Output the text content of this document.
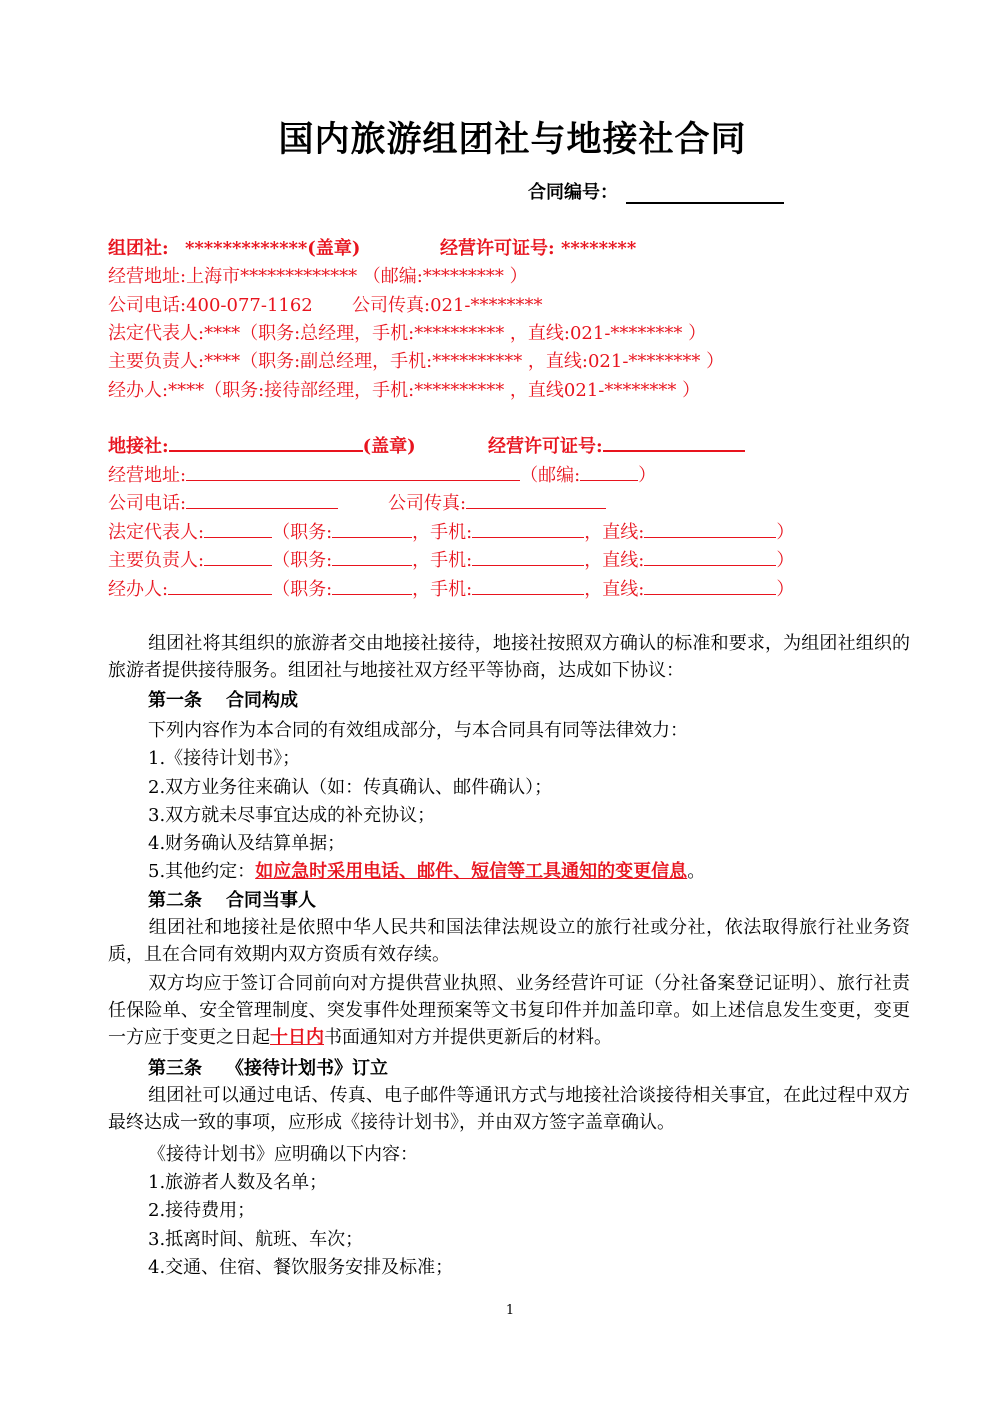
国内旅游组团社与地接社合同
合同编号：
组团社: *************(盖章)	经营许可证号: ********
经营地址:上海市************* （邮编:********* ）
公司电话:400-077-1162 公司传真:021-********
法定代表人:****（职务:总经理，手机:********** ，直线:021-******** ）
主要负责人:****（职务:副总经理，手机:********** ，直线:021-******** ）
经办人:****（职务:接待部经理，手机:********** ，直线021-******** ）
地接社:	(盖章)	经营许可证号:
经营地址:	（邮编:	）
公司电话:	公司传真:
法定代表人:	（职务:	，手机:	，直线:	）
主要负责人:	（职务:	，手机:	，直线:	）
经办人:	（职务:	，手机:	，直线:	）
组团社将其组织的旅游者交由地接社接待，地接社按照双方确认的标准和要求，为组团社组织的旅游者提供接待服务。组团社与地接社双方经平等协商，达成如下协议：
第一条 合同构成
下列内容作为本合同的有效组成部分，与本合同具有同等法律效力：
1.《接待计划书》；
2.双方业务往来确认（如：传真确认、邮件确认）；
3.双方就未尽事宜达成的补充协议；
4.财务确认及结算单据；
5.其他约定：如应急时采用电话、邮件、短信等工具通知的变更信息。
第二条 合同当事人
组团社和地接社是依照中华人民共和国法律法规设立的旅行社或分社，依法取得旅行社业务资质，且在合同有效期内双方资质有效存续。
双方均应于签订合同前向对方提供营业执照、业务经营许可证（分社备案登记证明）、旅行社责任保险单、安全管理制度、突发事件处理预案等文书复印件并加盖印章。如上述信息发生变更，变更一方应于变更之日起十日内书面通知对方并提供更新后的材料。
第三条 《接待计划书》订立
组团社可以通过电话、传真、电子邮件等通讯方式与地接社洽谈接待相关事宜，在此过程中双方最终达成一致的事项，应形成《接待计划书》，并由双方签字盖章确认。
《接待计划书》应明确以下内容：
1.旅游者人数及名单；
2.接待费用；
3.抵离时间、航班、车次；
4.交通、住宿、餐饮服务安排及标准；
1
